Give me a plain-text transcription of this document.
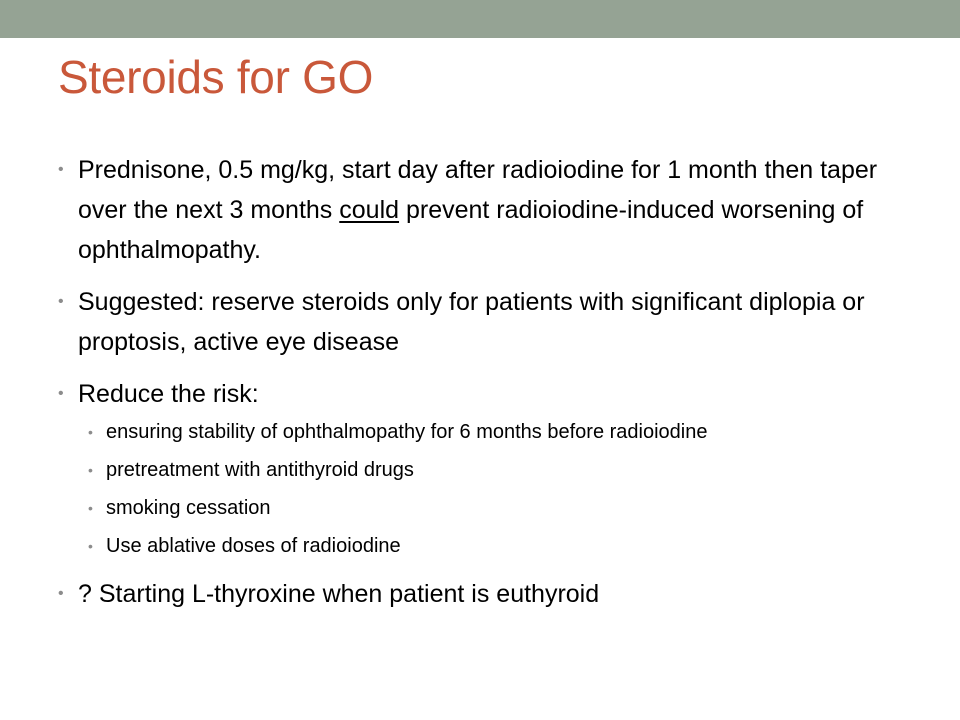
Steroids for GO
• Prednisone, 0.5 mg/kg, start day after radioiodine for 1 month then taper over the next 3 months could prevent radioiodine-induced worsening of ophthalmopathy.
• Suggested: reserve steroids only for patients with significant diplopia or proptosis, active eye disease
• Reduce the risk:
• ensuring stability of ophthalmopathy for 6 months before radioiodine
• pretreatment with antithyroid drugs
• smoking cessation
• Use ablative doses of radioiodine
• ? Starting L-thyroxine when patient is euthyroid
